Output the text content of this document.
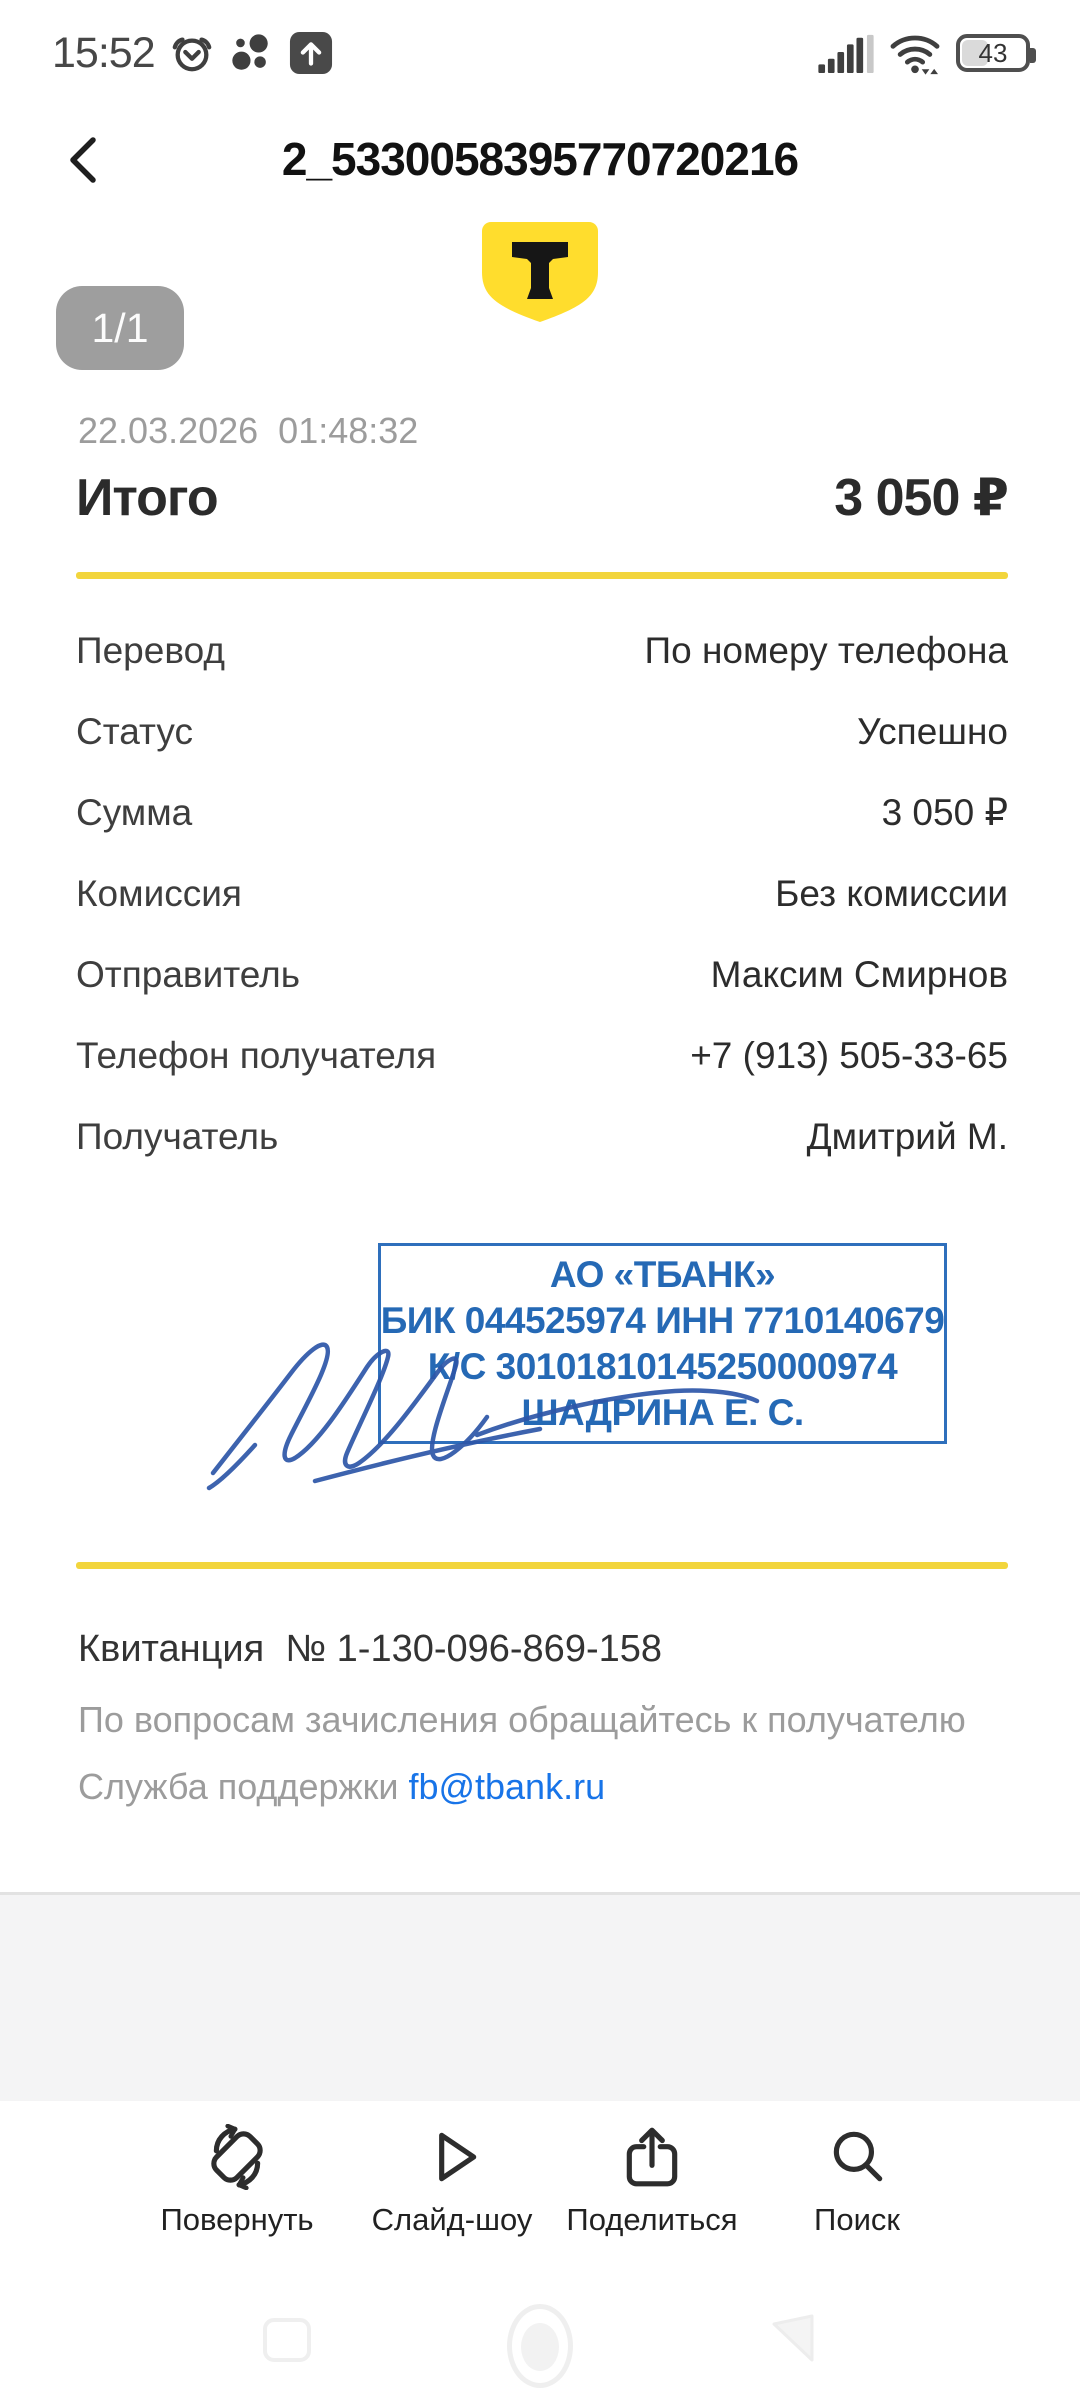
15:52	43
2_5330058395770720216
1/1
22.03.2026  01:48:32
Итого	3 050 ₽
Перевод	По номеру телефона
Статус	Успешно
Сумма	3 050 ₽
Комиссия	Без комиссии
Отправитель	Максим Смирнов
Телефон получателя	+7 (913) 505-33-65
Получатель	Дмитрий М.
АО «ТБАНК»
БИК 044525974 ИНН 7710140679
К/С 30101810145250000974
ШАДРИНА Е. С.
Квитанция  № 1-130-096-869-158
По вопросам зачисления обращайтесь к получателю
Служба поддержки fb@tbank.ru
Повернуть Слайд-шоу Поделиться Поиск
